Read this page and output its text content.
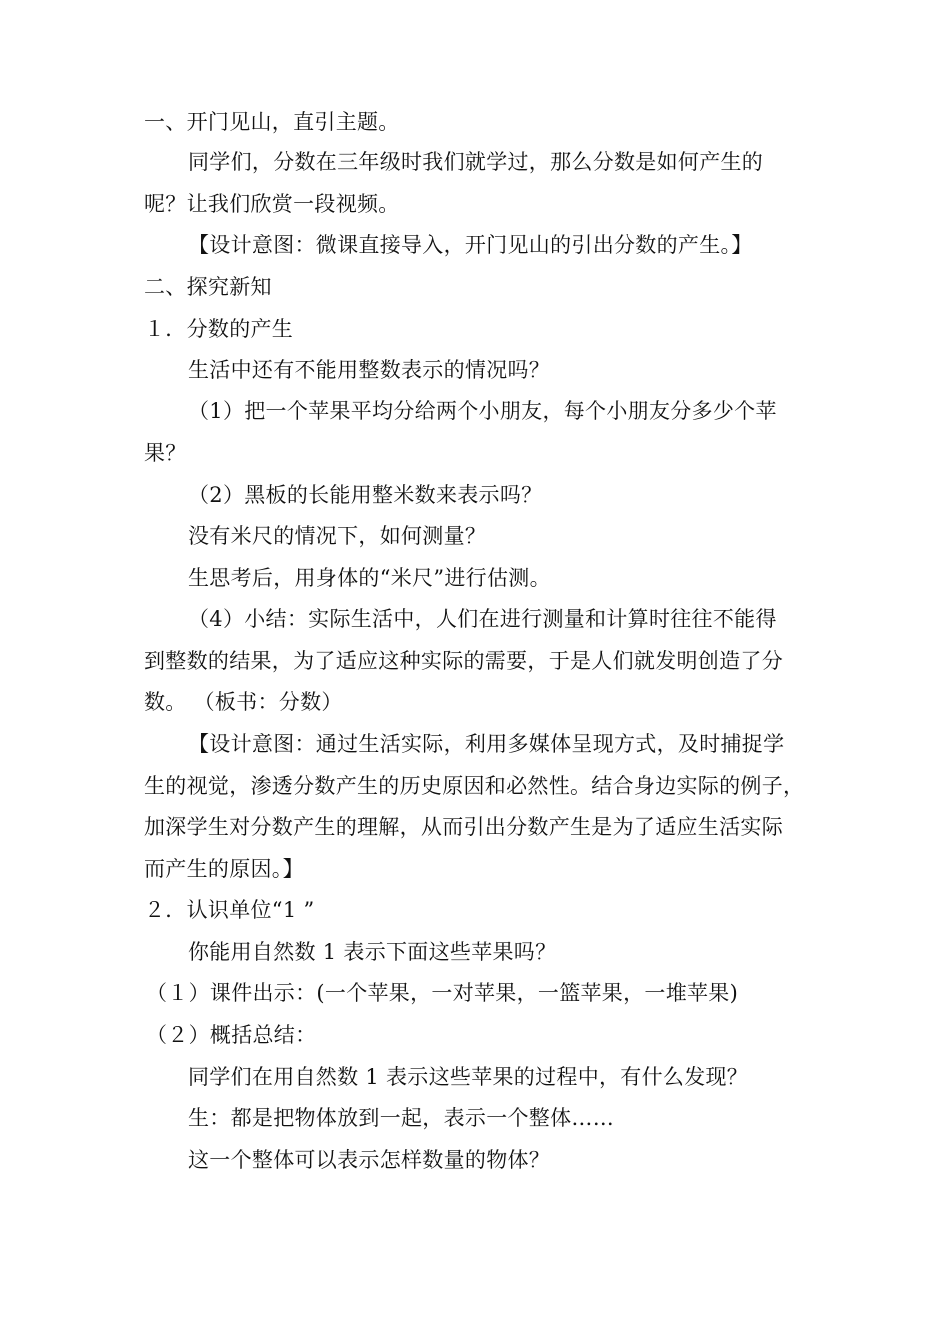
一、开门见山，直引主题。
同学们，分数在三年级时我们就学过，那么分数是如何产生的
呢？让我们欣赏一段视频。
【设计意图：微课直接导入，开门见山的引出分数的产生。】
二、探究新知
１．分数的产生
生活中还有不能用整数表示的情况吗？
（1）把一个苹果平均分给两个小朋友，每个小朋友分多少个苹
果？
（2）黑板的长能用整米数来表示吗？
没有米尺的情况下，如何测量？
生思考后，用身体的“米尺”进行估测。
（4）小结：实际生活中，人们在进行测量和计算时往往不能得
到整数的结果，为了适应这种实际的需要，于是人们就发明创造了分
数。 （板书：分数）
【设计意图：通过生活实际，利用多媒体呈现方式，及时捕捉学
生的视觉，渗透分数产生的历史原因和必然性。结合身边实际的例子，
加深学生对分数产生的理解，从而引出分数产生是为了适应生活实际
而产生的原因。】
２．认识单位“1 ”
你能用自然数 1 表示下面这些苹果吗？
（１）课件出示：(一个苹果，一对苹果，一篮苹果，一堆苹果)
（２）概括总结：
同学们在用自然数 1 表示这些苹果的过程中，有什么发现？
生：都是把物体放到一起，表示一个整体……
这一个整体可以表示怎样数量的物体？
